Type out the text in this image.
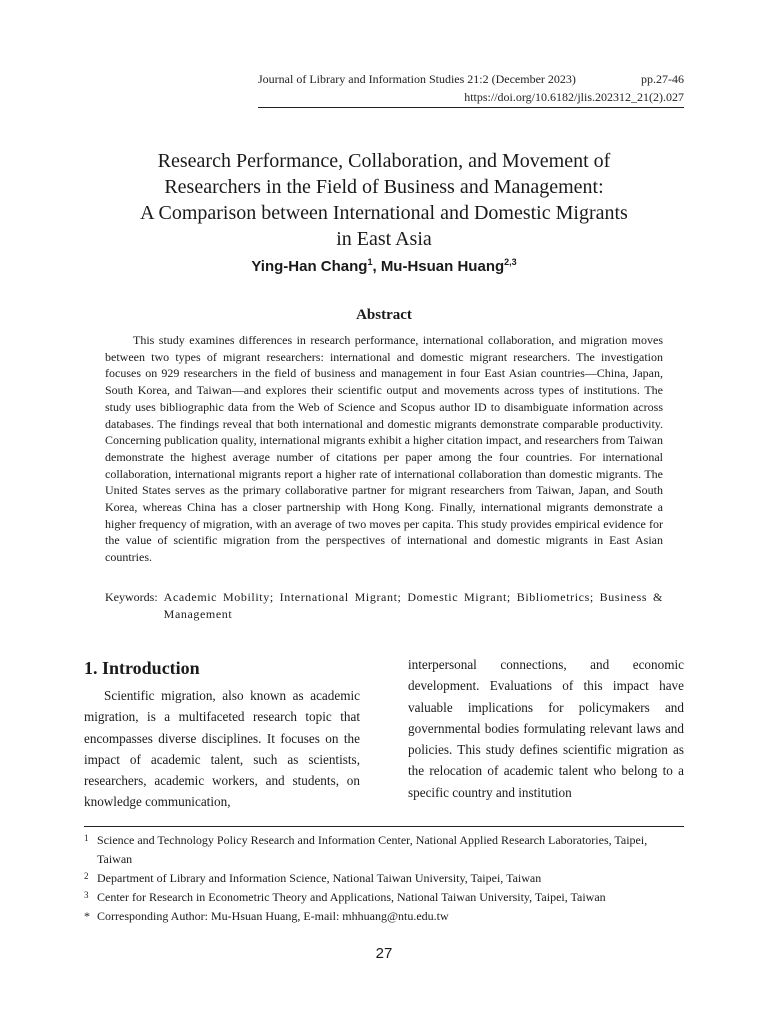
Journal of Library and Information Studies 21:2 (December 2023)	pp.27-46
https://doi.org/10.6182/jlis.202312_21(2).027
Research Performance, Collaboration, and Movement of
Researchers in the Field of Business and Management:
A Comparison between International and Domestic Migrants
in East Asia
Ying-Han Chang$^1$, Mu-Hsuan Huang$^{2,3}$
Abstract

This study examines differences in research performance, international collaboration, and migration moves between two types of migrant researchers: international and domestic migrant researchers. The investigation focuses on 929 researchers in the field of business and management in four East Asian countries—China, Japan, South Korea, and Taiwan—and explores their scientific output and movements across types of institutions. The study uses bibliographic data from the Web of Science and Scopus author ID to disambiguate information across databases. The findings reveal that both international and domestic migrants demonstrate comparable productivity. Concerning publication quality, international migrants exhibit a higher citation impact, and researchers from Taiwan demonstrate the highest average number of citations per paper among the four countries. For international collaboration, international migrants report a higher rate of international collaboration than domestic migrants. The United States serves as the primary collaborative partner for migrant researchers from Taiwan, Japan, and South Korea, whereas China has a closer partnership with Hong Kong. Finally, international migrants demonstrate a higher frequency of migration, with an average of two moves per capita. This study provides empirical evidence for the value of scientific migration from the perspectives of international and domestic migrants in East Asian countries.

Keywords: Academic Mobility; International Migrant; Domestic Migrant; Bibliometrics; Business & Management
1. Introduction

Scientific migration, also known as academic migration, is a multifaceted research topic that encompasses diverse disciplines. It focuses on the impact of academic talent, such as scientists, researchers, academic workers, and students, on knowledge communication,

interpersonal connections, and economic development. Evaluations of this impact have valuable implications for policymakers and governmental bodies formulating relevant laws and policies. This study defines scientific migration as the relocation of academic talent who belong to a specific country and institution

1 Science and Technology Policy Research and Information Center, National Applied Research Laboratories, Taipei, Taiwan
2 Department of Library and Information Science, National Taiwan University, Taipei, Taiwan
3 Center for Research in Econometric Theory and Applications, National Taiwan University, Taipei, Taiwan
* Corresponding Author: Mu-Hsuan Huang, E-mail: mhhuang@ntu.edu.tw
27
